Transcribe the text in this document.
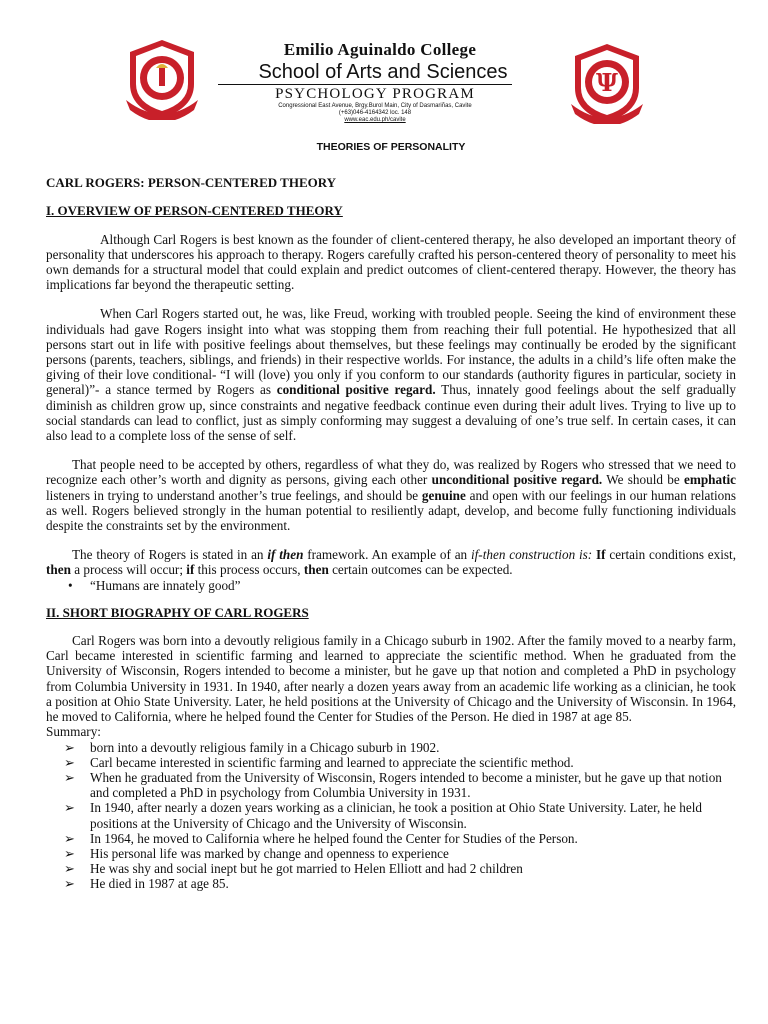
Emilio Aguinaldo College
School of Arts and Sciences
PSYCHOLOGY PROGRAM
Congressional East Avenue, Brgy.Burol Main, City of Dasmariñas, Cavite
(+63)046-4164342 loc. 148
www.eac.edu.ph/cavite
Ψ
THEORIES OF PERSONALITY
CARL ROGERS: PERSON-CENTERED THEORY
I. OVERVIEW OF PERSON-CENTERED THEORY

Although Carl Rogers is best known as the founder of client-centered therapy, he also developed an important theory of personality that underscores his approach to therapy. Rogers carefully crafted his person-centered theory of personality to meet his own demands for a structural model that could explain and predict outcomes of client-centered therapy. However, the theory has implications far beyond the therapeutic setting.

When Carl Rogers started out, he was, like Freud, working with troubled people. Seeing the kind of environment these individuals had gave Rogers insight into what was stopping them from reaching their full potential. He hypothesized that all persons start out in life with positive feelings about themselves, but these feelings may continually be eroded by the significant persons (parents, teachers, siblings, and friends) in their respective worlds. For instance, the adults in a child’s life often make the giving of their love conditional- “I will (love) you only if you conform to our standards (authority figures in particular, society in general)”- a stance termed by Rogers as conditional positive regard. Thus, innately good feelings about the self gradually diminish as children grow up, since constraints and negative feedback continue even during their adult lives. Trying to live up to social standards can lead to conflict, just as simply conforming may suggest a devaluing of one’s true self. In certain cases, it can also lead to a complete loss of the sense of self.

That people need to be accepted by others, regardless of what they do, was realized by Rogers who stressed that we need to recognize each other’s worth and dignity as persons, giving each other unconditional positive regard. We should be emphatic listeners in trying to understand another’s true feelings, and should be genuine and open with our feelings in our human relations as well. Rogers believed strongly in the human potential to resiliently adapt, develop, and become fully functioning individuals despite the constraints set by the environment.

The theory of Rogers is stated in an if then framework. An example of an if-then construction is: If certain conditions exist, then a process will occur; if this process occurs, then certain outcomes can be expected.

• “Humans are innately good”
II. SHORT BIOGRAPHY OF CARL ROGERS

Carl Rogers was born into a devoutly religious family in a Chicago suburb in 1902. After the family moved to a nearby farm, Carl became interested in scientific farming and learned to appreciate the scientific method. When he graduated from the University of Wisconsin, Rogers intended to become a minister, but he gave up that notion and completed a PhD in psychology from Columbia University in 1931. In 1940, after nearly a dozen years away from an academic life working as a clinician, he took a position at Ohio State University. Later, he held positions at the University of Chicago and the University of Wisconsin. In 1964, he moved to California, where he helped found the Center for Studies of the Person. He died in 1987 at age 85.

Summary:
➢ born into a devoutly religious family in a Chicago suburb in 1902.
➢ Carl became interested in scientific farming and learned to appreciate the scientific method.
➢ When he graduated from the University of Wisconsin, Rogers intended to become a minister, but he gave up that notion and completed a PhD in psychology from Columbia University in 1931.
➢ In 1940, after nearly a dozen years working as a clinician, he took a position at Ohio State University. Later, he held positions at the University of Chicago and the University of Wisconsin.
➢ In 1964, he moved to California where he helped found the Center for Studies of the Person.
➢ His personal life was marked by change and openness to experience
➢ He was shy and social inept but he got married to Helen Elliott and had 2 children
➢ He died in 1987 at age 85.
